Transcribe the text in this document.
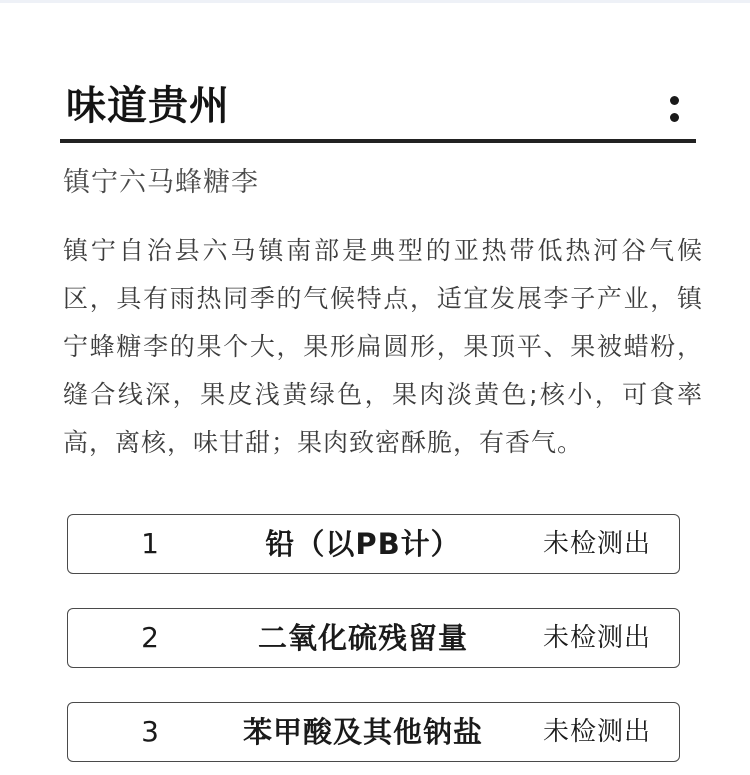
味道贵州
镇宁六马蜂糖李
镇宁自治县六马镇南部是典型的亚热带低热河谷气候区，具有雨热同季的气候特点，适宜发展李子产业，镇宁蜂糖李的果个大，果形扁圆形，果顶平、果被蜡粉，缝合线深，果皮浅黄绿色，果肉淡黄色;核小，可食率高，离核，味甘甜；果肉致密酥脆，有香气。
1	铅（以PB计）	未检测出
2	二氧化硫残留量	未检测出
3	苯甲酸及其他钠盐	未检测出
